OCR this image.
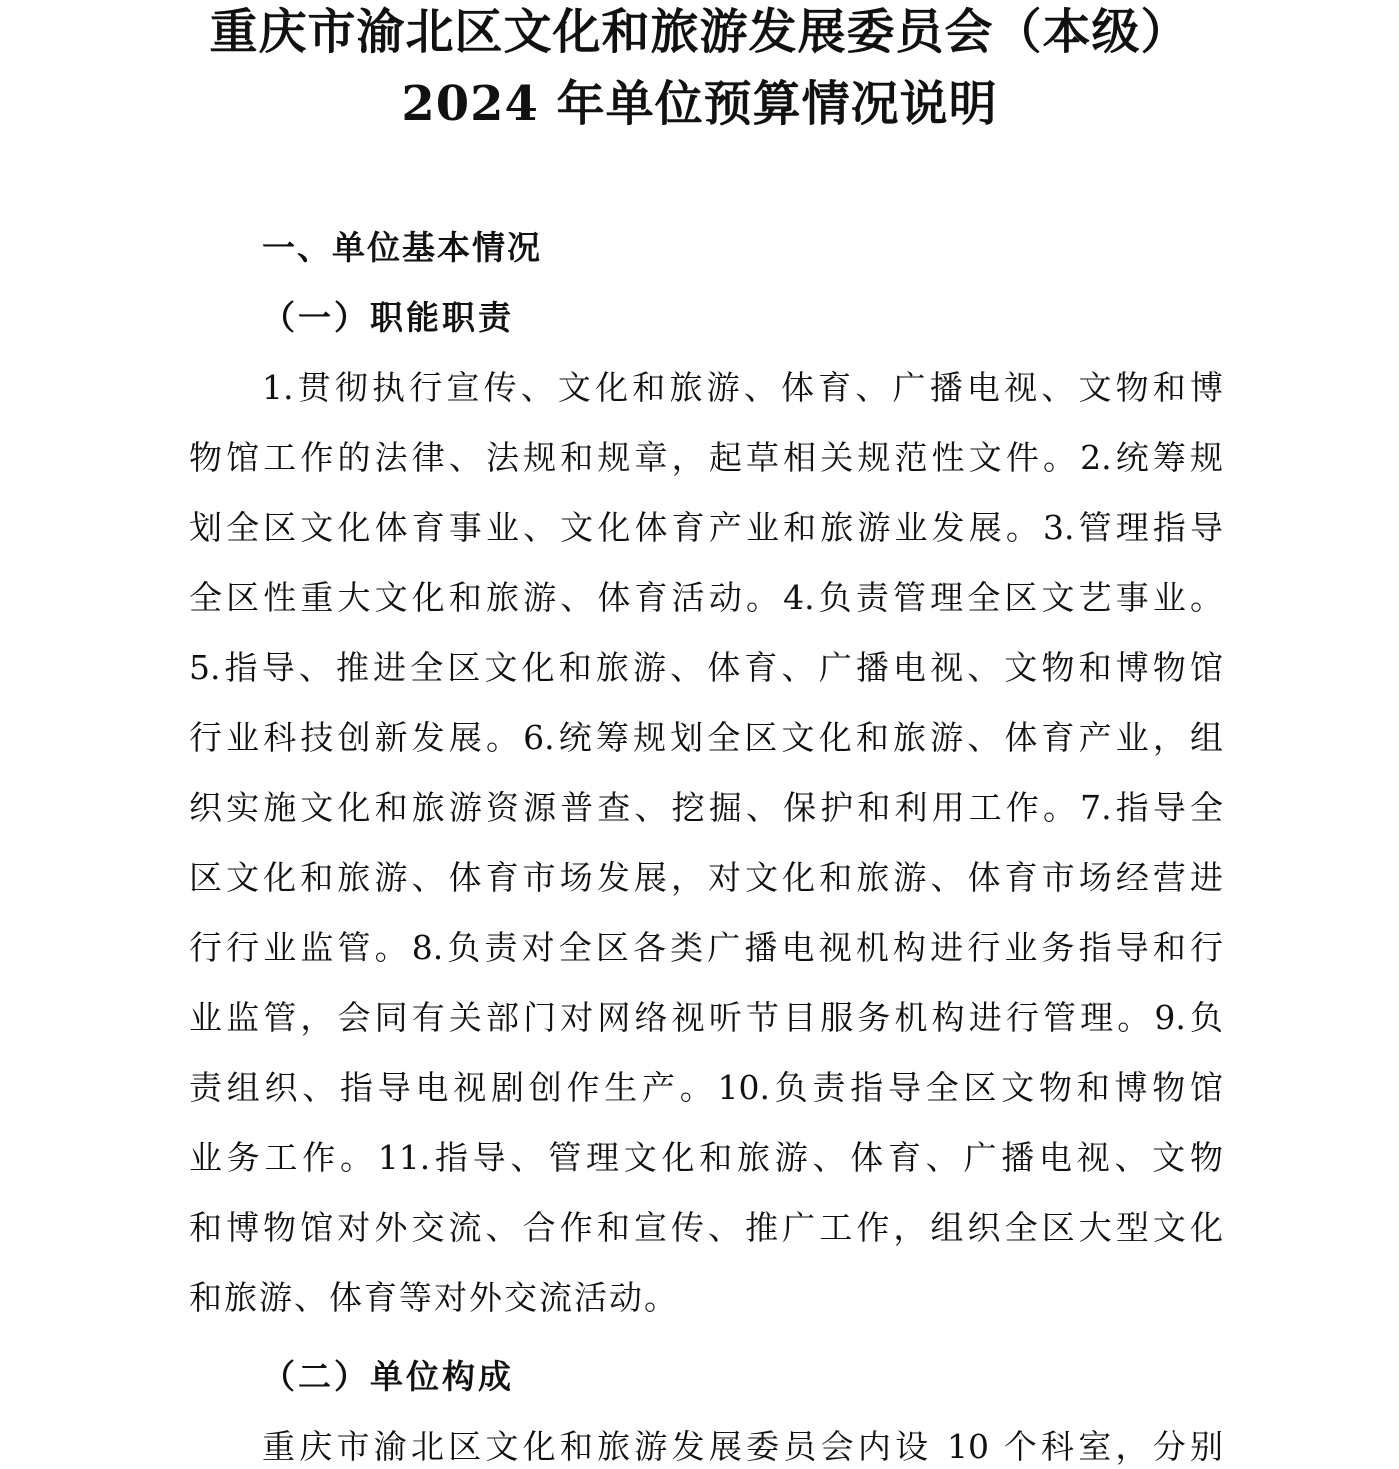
重庆市渝北区文化和旅游发展委员会（本级）
2024 年单位预算情况说明
一、单位基本情况
（一）职能职责

1.贯彻执行宣传、文化和旅游、体育、广播电视、文物和博

物馆工作的法律、法规和规章，起草相关规范性文件。2.统筹规

划全区文化体育事业、文化体育产业和旅游业发展。3.管理指导

全区性重大文化和旅游、体育活动。4.负责管理全区文艺事业。

5.指导、推进全区文化和旅游、体育、广播电视、文物和博物馆

行业科技创新发展。6.统筹规划全区文化和旅游、体育产业，组

织实施文化和旅游资源普查、挖掘、保护和利用工作。7.指导全

区文化和旅游、体育市场发展，对文化和旅游、体育市场经营进

行行业监管。8.负责对全区各类广播电视机构进行业务指导和行

业监管，会同有关部门对网络视听节目服务机构进行管理。9.负

责组织、指导电视剧创作生产。10.负责指导全区文物和博物馆

业务工作。11.指导、管理文化和旅游、体育、广播电视、文物

和博物馆对外交流、合作和宣传、推广工作，组织全区大型文化

和旅游、体育等对外交流活动。

（二）单位构成

重庆市渝北区文化和旅游发展委员会内设 10 个科室，分别
